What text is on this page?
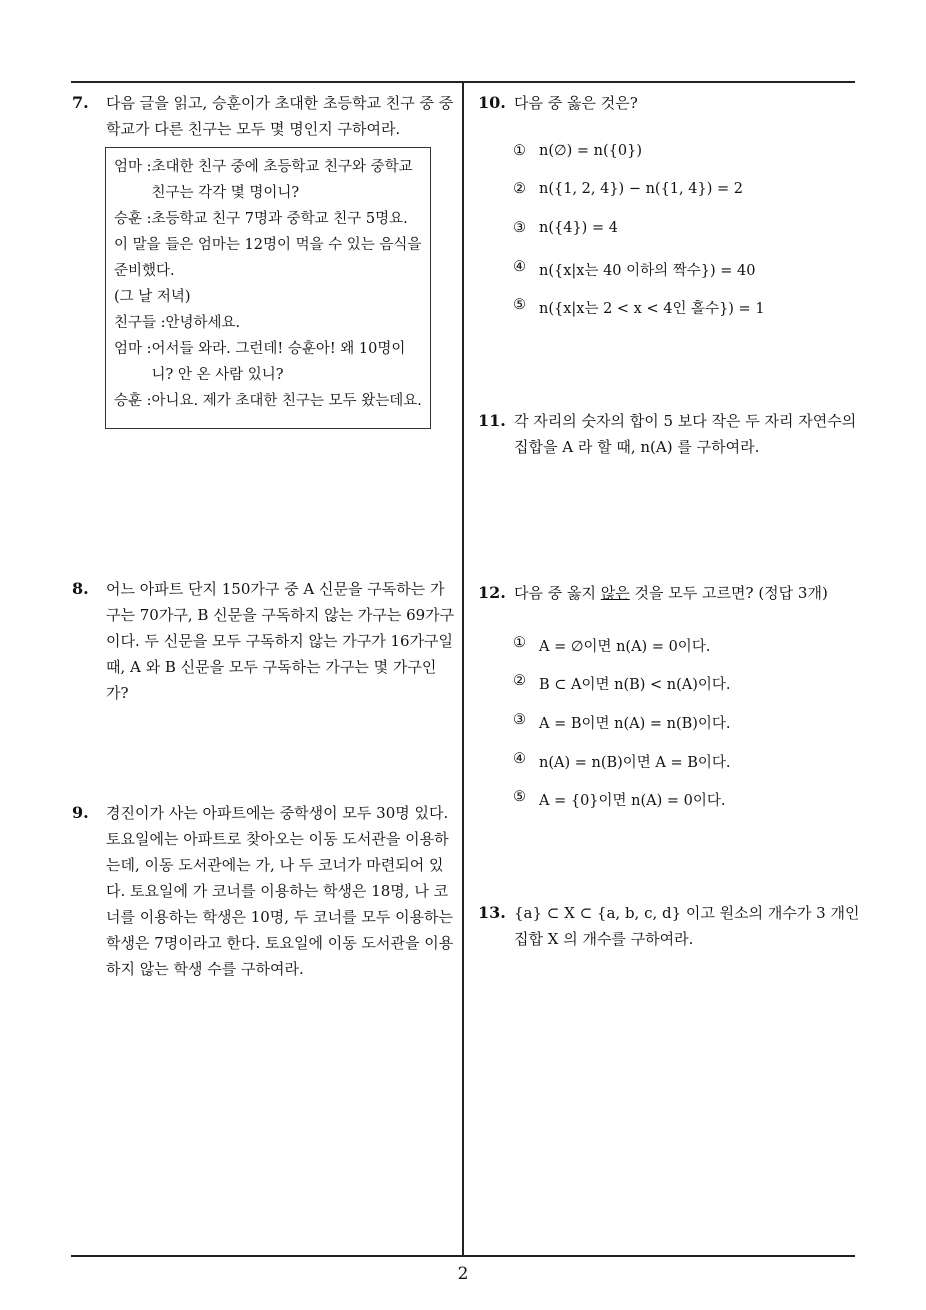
7. 다음 글을 읽고, 승훈이가 초대한 초등학교 친구 중 중학교가 다른 친구는 모두 몇 명인지 구하여라.
엄마 : 초대한 친구 중에 초등학교 친구와 중학교 친구는 각각 몇 명이니?
승훈 : 초등학교 친구 7명과 중학교 친구 5명요.
이 말을 들은 엄마는 12명이 먹을 수 있는 음식을 준비했다.
(그 날 저녁)
친구들 : 안녕하세요.
엄마 : 어서들 와라. 그런데! 승훈아! 왜 10명이니? 안 온 사람 있니?
승훈 : 아니요. 제가 초대한 친구는 모두 왔는데요.
8. 어느 아파트 단지 150가구 중 A 신문을 구독하는 가구는 70가구, B 신문을 구독하지 않는 가구는 69가구이다. 두 신문을 모두 구독하지 않는 가구가 16가구일 때, A 와 B 신문을 모두 구독하는 가구는 몇 가구인가?
9. 경진이가 사는 아파트에는 중학생이 모두 30명 있다. 토요일에는 아파트로 찾아오는 이동 도서관을 이용하는데, 이동 도서관에는 가, 나 두 코너가 마련되어 있다. 토요일에 가 코너를 이용하는 학생은 18명, 나 코너를 이용하는 학생은 10명, 두 코너를 모두 이용하는 학생은 7명이라고 한다. 토요일에 이동 도서관을 이용하지 않는 학생 수를 구하여라.
10. 다음 중 옳은 것은?
① n(∅) = n({0})
② n({1, 2, 4}) − n({1, 4}) = 2
③ n({4}) = 4
④ n({x|x는 40 이하의 짝수}) = 40
⑤ n({x|x는 2 < x < 4인 홀수}) = 1
11. 각 자리의 숫자의 합이 5 보다 작은 두 자리 자연수의 집합을 A 라 할 때, n(A) 를 구하여라.
12. 다음 중 옳지 않은 것을 모두 고르면? (정답 3개)
① A = ∅이면 n(A) = 0이다.
② B ⊂ A이면 n(B) < n(A)이다.
③ A = B이면 n(A) = n(B)이다.
④ n(A) = n(B)이면 A = B이다.
⑤ A = {0}이면 n(A) = 0이다.
13. {a} ⊂ X ⊂ {a, b, c, d} 이고 원소의 개수가 3 개인 집합 X 의 개수를 구하여라.
2
